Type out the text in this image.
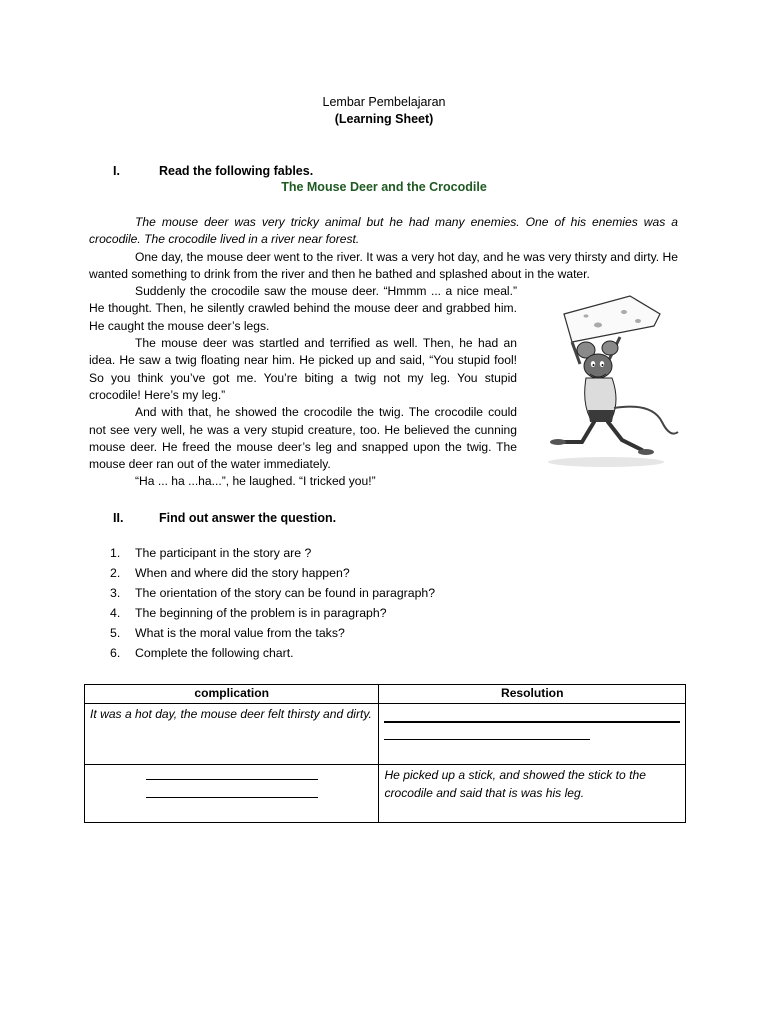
Lembar Pembelajaran
(Learning Sheet)
I.	Read the following fables.
The Mouse Deer and the Crocodile

The mouse deer was very tricky animal but he had many enemies. One of his enemies was a crocodile. The crocodile lived in a river near forest.

One day, the mouse deer went to the river. It was a very hot day, and he was very thirsty and dirty. He wanted something to drink from the river and then he bathed and splashed about in the water.

Suddenly the crocodile saw the mouse deer. “Hmmm ... a nice meal.” He thought. Then, he silently crawled behind the mouse deer and grabbed him. He caught the mouse deer’s legs.

The mouse deer was startled and terrified as well. Then, he had an idea. He saw a twig floating near him. He picked up and said, “You stupid fool! So you think you’ve got me. You’re biting a twig not my leg. You stupid crocodile! Here’s my leg.”

And with that, he showed the crocodile the twig. The crocodile could not see very well, he was a very stupid creature, too. He believed the cunning mouse deer. He freed the mouse deer’s leg and snapped upon the twig. The mouse deer ran out of the water immediately.

“Ha ... ha ...ha...”, he laughed. “I tricked you!”

II.	Find out answer the question.
1. The participant in the story are ?
2. When and where did the story happen?
3. The orientation of the story can be found in paragraph?
4. The beginning of the problem is in paragraph?
5. What is the moral value from the taks?
6. Complete the following chart.
complication	Resolution
It was a hot day, the mouse deer felt thirsty and dirty.	

	He picked up a stick, and showed the stick to the crocodile and said that is was his leg.
